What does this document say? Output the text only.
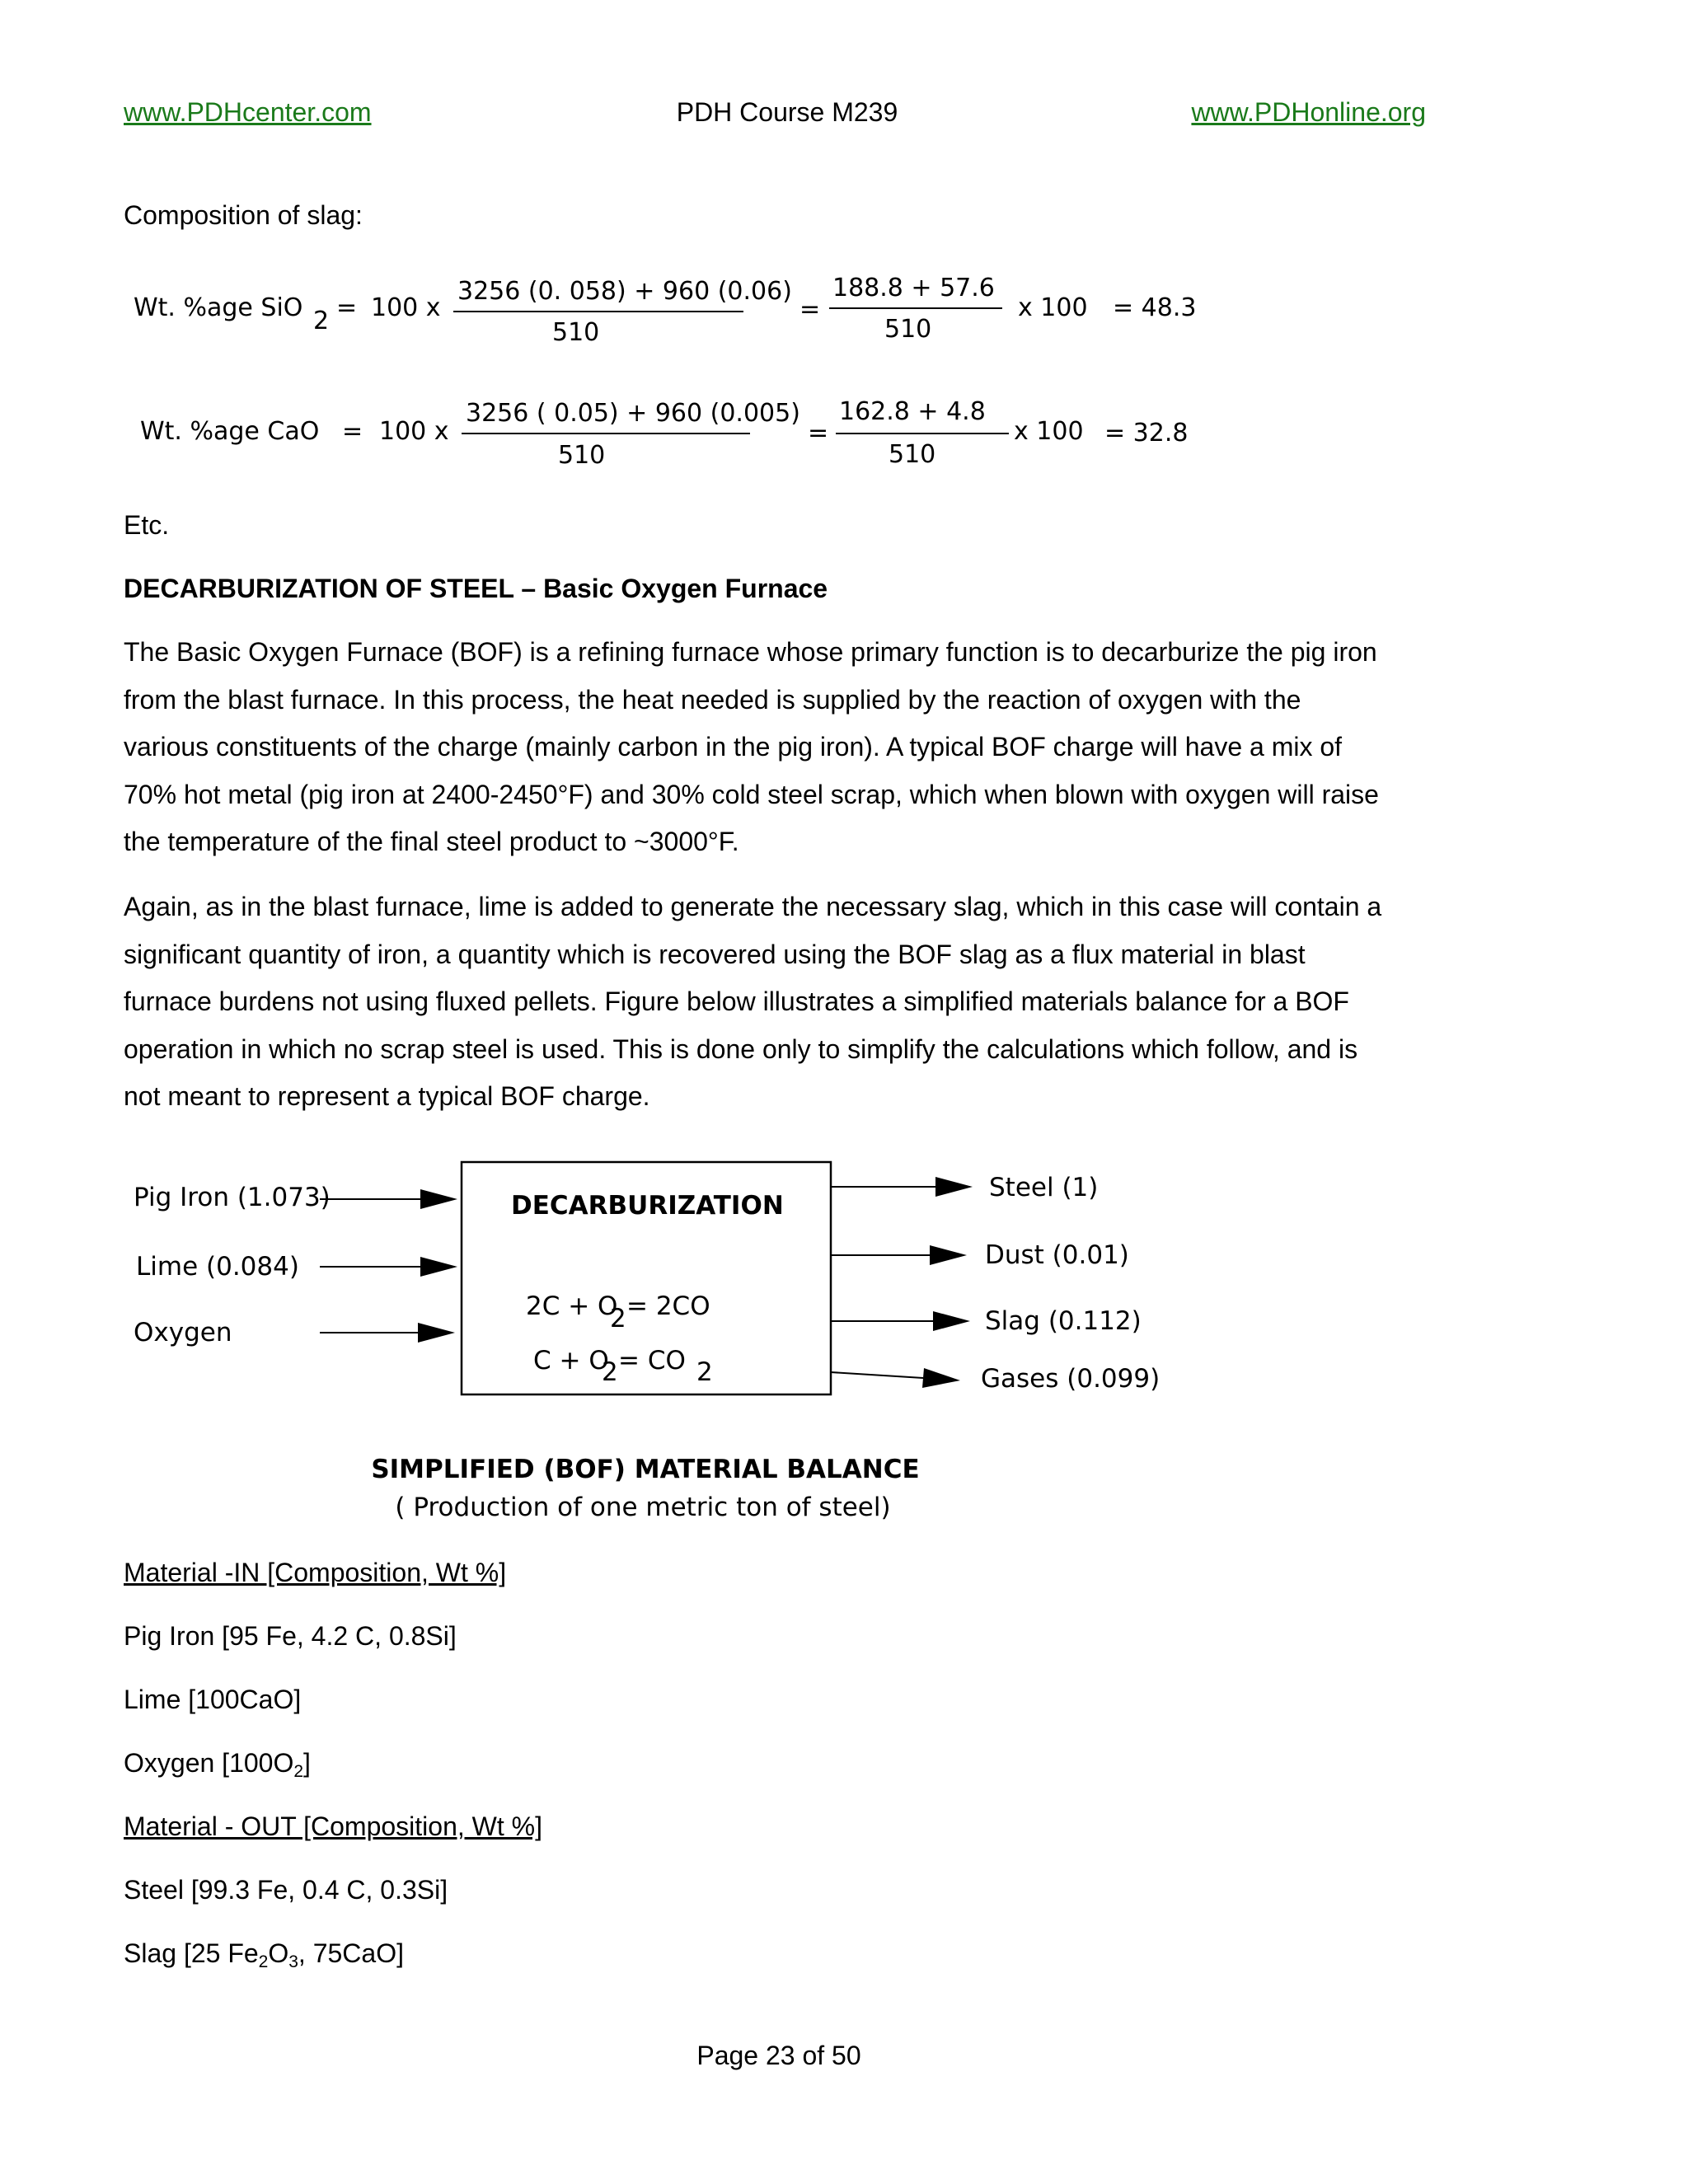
www.PDHcenter.com	PDH Course M239	www.PDHonline.org
Composition of slag:
Wt. %age SiO 2 = 100 x
3256 (0. 058) + 960 (0.06)
510
=
188.8 + 57.6
510
x 100 = 48.3
Wt. %age CaO = 100 x
3256 ( 0.05) + 960 (0.005)
510
=
162.8 + 4.8
510
x 100 = 32.8
Etc.
DECARBURIZATION OF STEEL – Basic Oxygen Furnace
The Basic Oxygen Furnace (BOF) is a refining furnace whose primary function is to decarburize the pig iron
from the blast furnace. In this process, the heat needed is supplied by the reaction of oxygen with the
various constituents of the charge (mainly carbon in the pig iron). A typical BOF charge will have a mix of
70% hot metal (pig iron at 2400-2450°F) and 30% cold steel scrap, which when blown with oxygen will raise
the temperature of the final steel product to ~3000°F.
Again, as in the blast furnace, lime is added to generate the necessary slag, which in this case will contain a
significant quantity of iron, a quantity which is recovered using the BOF slag as a flux material in blast
furnace burdens not using fluxed pellets. Figure below illustrates a simplified materials balance for a BOF
operation in which no scrap steel is used. This is done only to simplify the calculations which follow, and is
not meant to represent a typical BOF charge.
Pig Iron (1.073)
Lime (0.084)
Oxygen
DECARBURIZATION
2C + O
2 = 2CO
C + O
2 = CO 2
Steel (1)
Dust (0.01)
Slag (0.112)
Gases (0.099)
SIMPLIFIED (BOF) MATERIAL BALANCE
( Production of one metric ton of steel)
Material -IN [Composition, Wt %]
Pig Iron [95 Fe, 4.2 C, 0.8Si]
Lime [100CaO]
Oxygen $[100O_2]$
Material - OUT [Composition, Wt %]
Steel [99.3 Fe, 0.4 C, 0.3Si]
Slag [25 $Fe_2O_3$, 75CaO]
Page 23 of 50
